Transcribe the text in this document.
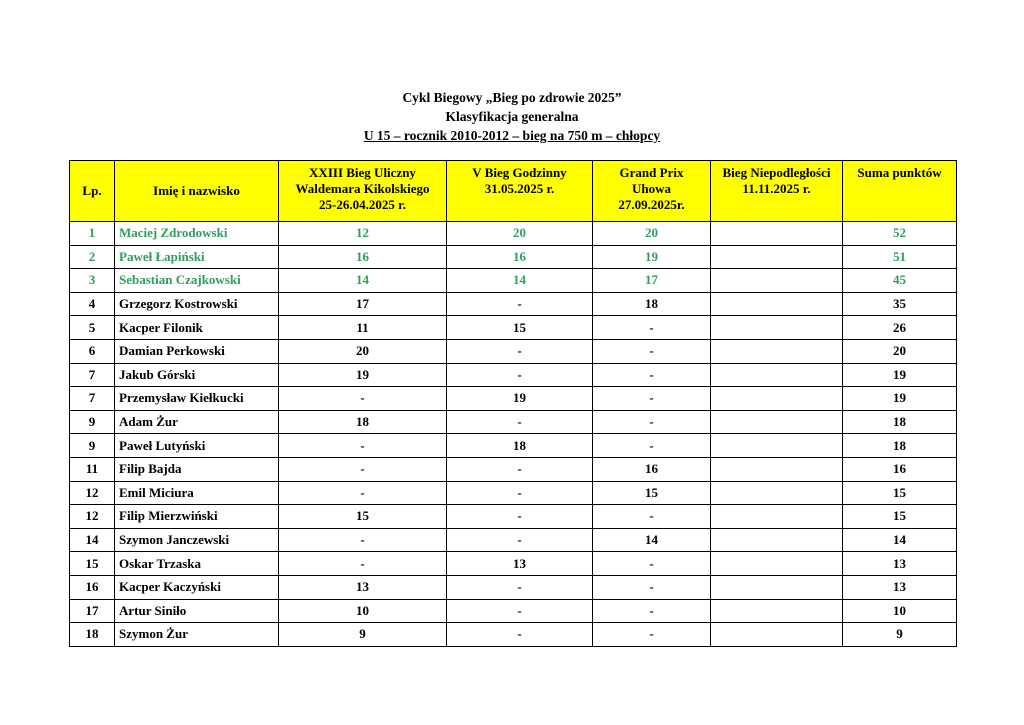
Cykl Biegowy „Bieg po zdrowie 2025”
Klasyfikacja generalna
U 15 – rocznik 2010-2012 – bieg na 750 m – chłopcy
Lp.	Imię i nazwisko	XXIII Bieg Uliczny
Waldemara Kikolskiego
25-26.04.2025 r.	V Bieg Godzinny
31.05.2025 r.	Grand Prix
Uhowa
27.09.2025r.	Bieg Niepodległości
11.11.2025 r.	Suma punktów
1	Maciej Zdrodowski	12	20	20		52
2	Paweł Łapiński	16	16	19		51
3	Sebastian Czajkowski	14	14	17		45
4	Grzegorz Kostrowski	17	-	18		35
5	Kacper Filonik	11	15	-		26
6	Damian Perkowski	20	-	-		20
7	Jakub Górski	19	-	-		19
7	Przemysław Kiełkucki	-	19	-		19
9	Adam Żur	18	-	-		18
9	Paweł Lutyński	-	18	-		18
11	Filip Bajda	-	-	16		16
12	Emil Miciura	-	-	15		15
12	Filip Mierzwiński	15	-	-		15
14	Szymon Janczewski	-	-	14		14
15	Oskar Trzaska	-	13	-		13
16	Kacper Kaczyński	13	-	-		13
17	Artur Siniło	10	-	-		10
18	Szymon Żur	9	-	-		9
